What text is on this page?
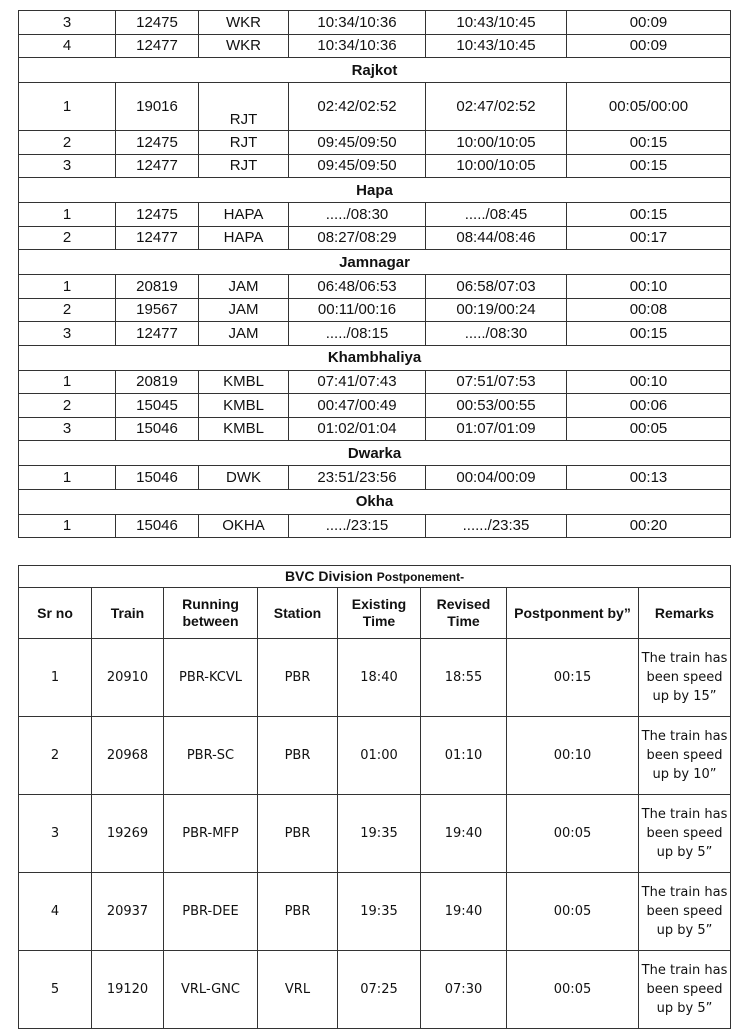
3	12475	WKR	10:34/10:36	10:43/10:45	00:09
4	12477	WKR	10:34/10:36	10:43/10:45	00:09
Rajkot					
1	19016	RJT	02:42/02:52	02:47/02:52	00:05/00:00
2	12475	RJT	09:45/09:50	10:00/10:05	00:15
3	12477	RJT	09:45/09:50	10:00/10:05	00:15
Hapa					
1	12475	HAPA	...../08:30	...../08:45	00:15
2	12477	HAPA	08:27/08:29	08:44/08:46	00:17
Jamnagar					
1	20819	JAM	06:48/06:53	06:58/07:03	00:10
2	19567	JAM	00:11/00:16	00:19/00:24	00:08
3	12477	JAM	...../08:15	...../08:30	00:15
Khambhaliya					
1	20819	KMBL	07:41/07:43	07:51/07:53	00:10
2	15045	KMBL	00:47/00:49	00:53/00:55	00:06
3	15046	KMBL	01:02/01:04	01:07/01:09	00:05
Dwarka					
1	15046	DWK	23:51/23:56	00:04/00:09	00:13
Okha					
1	15046	OKHA	...../23:15	....../23:35	00:20
BVC Division Postponement-							
Sr no	Train	Running between	Station	Existing Time	Revised Time	Postponment by”	Remarks
1	20910	PBR-KCVL	PBR	18:40	18:55	00:15	The train has been speed up by 15”
2	20968	PBR-SC	PBR	01:00	01:10	00:10	The train has been speed up by 10”
3	19269	PBR-MFP	PBR	19:35	19:40	00:05	The train has been speed up by 5”
4	20937	PBR-DEE	PBR	19:35	19:40	00:05	The train has been speed up by 5”
5	19120	VRL-GNC	VRL	07:25	07:30	00:05	The train has been speed up by 5”
